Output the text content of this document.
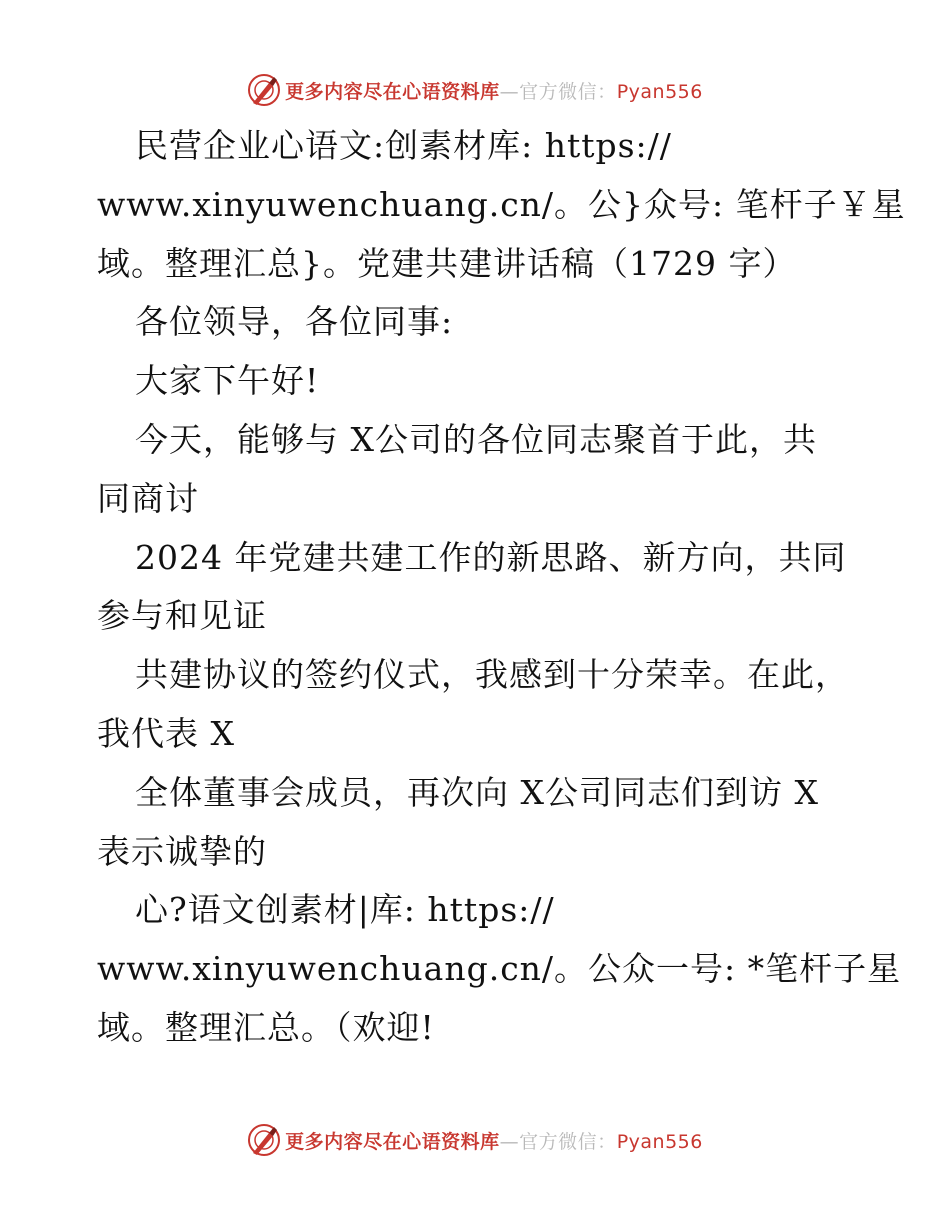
更多内容尽在心语资料库—官方微信：Pyan556
民营企业心语文:创素材库: https://
www.xinyuwenchuang.cn/。公}众号: 笔杆子￥星
域。整理汇总}。党建共建讲话稿（1729 字）
各位领导，各位同事:
大家下午好!
今天，能够与 X公司的各位同志聚首于此，共
同商讨
2024 年党建共建工作的新思路、新方向，共同
参与和见证
共建协议的签约仪式，我感到十分荣幸。在此，
我代表 X
全体董事会成员，再次向 X公司同志们到访 X
表示诚挚的
心?语文创素材|库: https://
www.xinyuwenchuang.cn/。公众一号: *笔杆子星
域。整理汇总。（欢迎!
更多内容尽在心语资料库—官方微信：Pyan556
